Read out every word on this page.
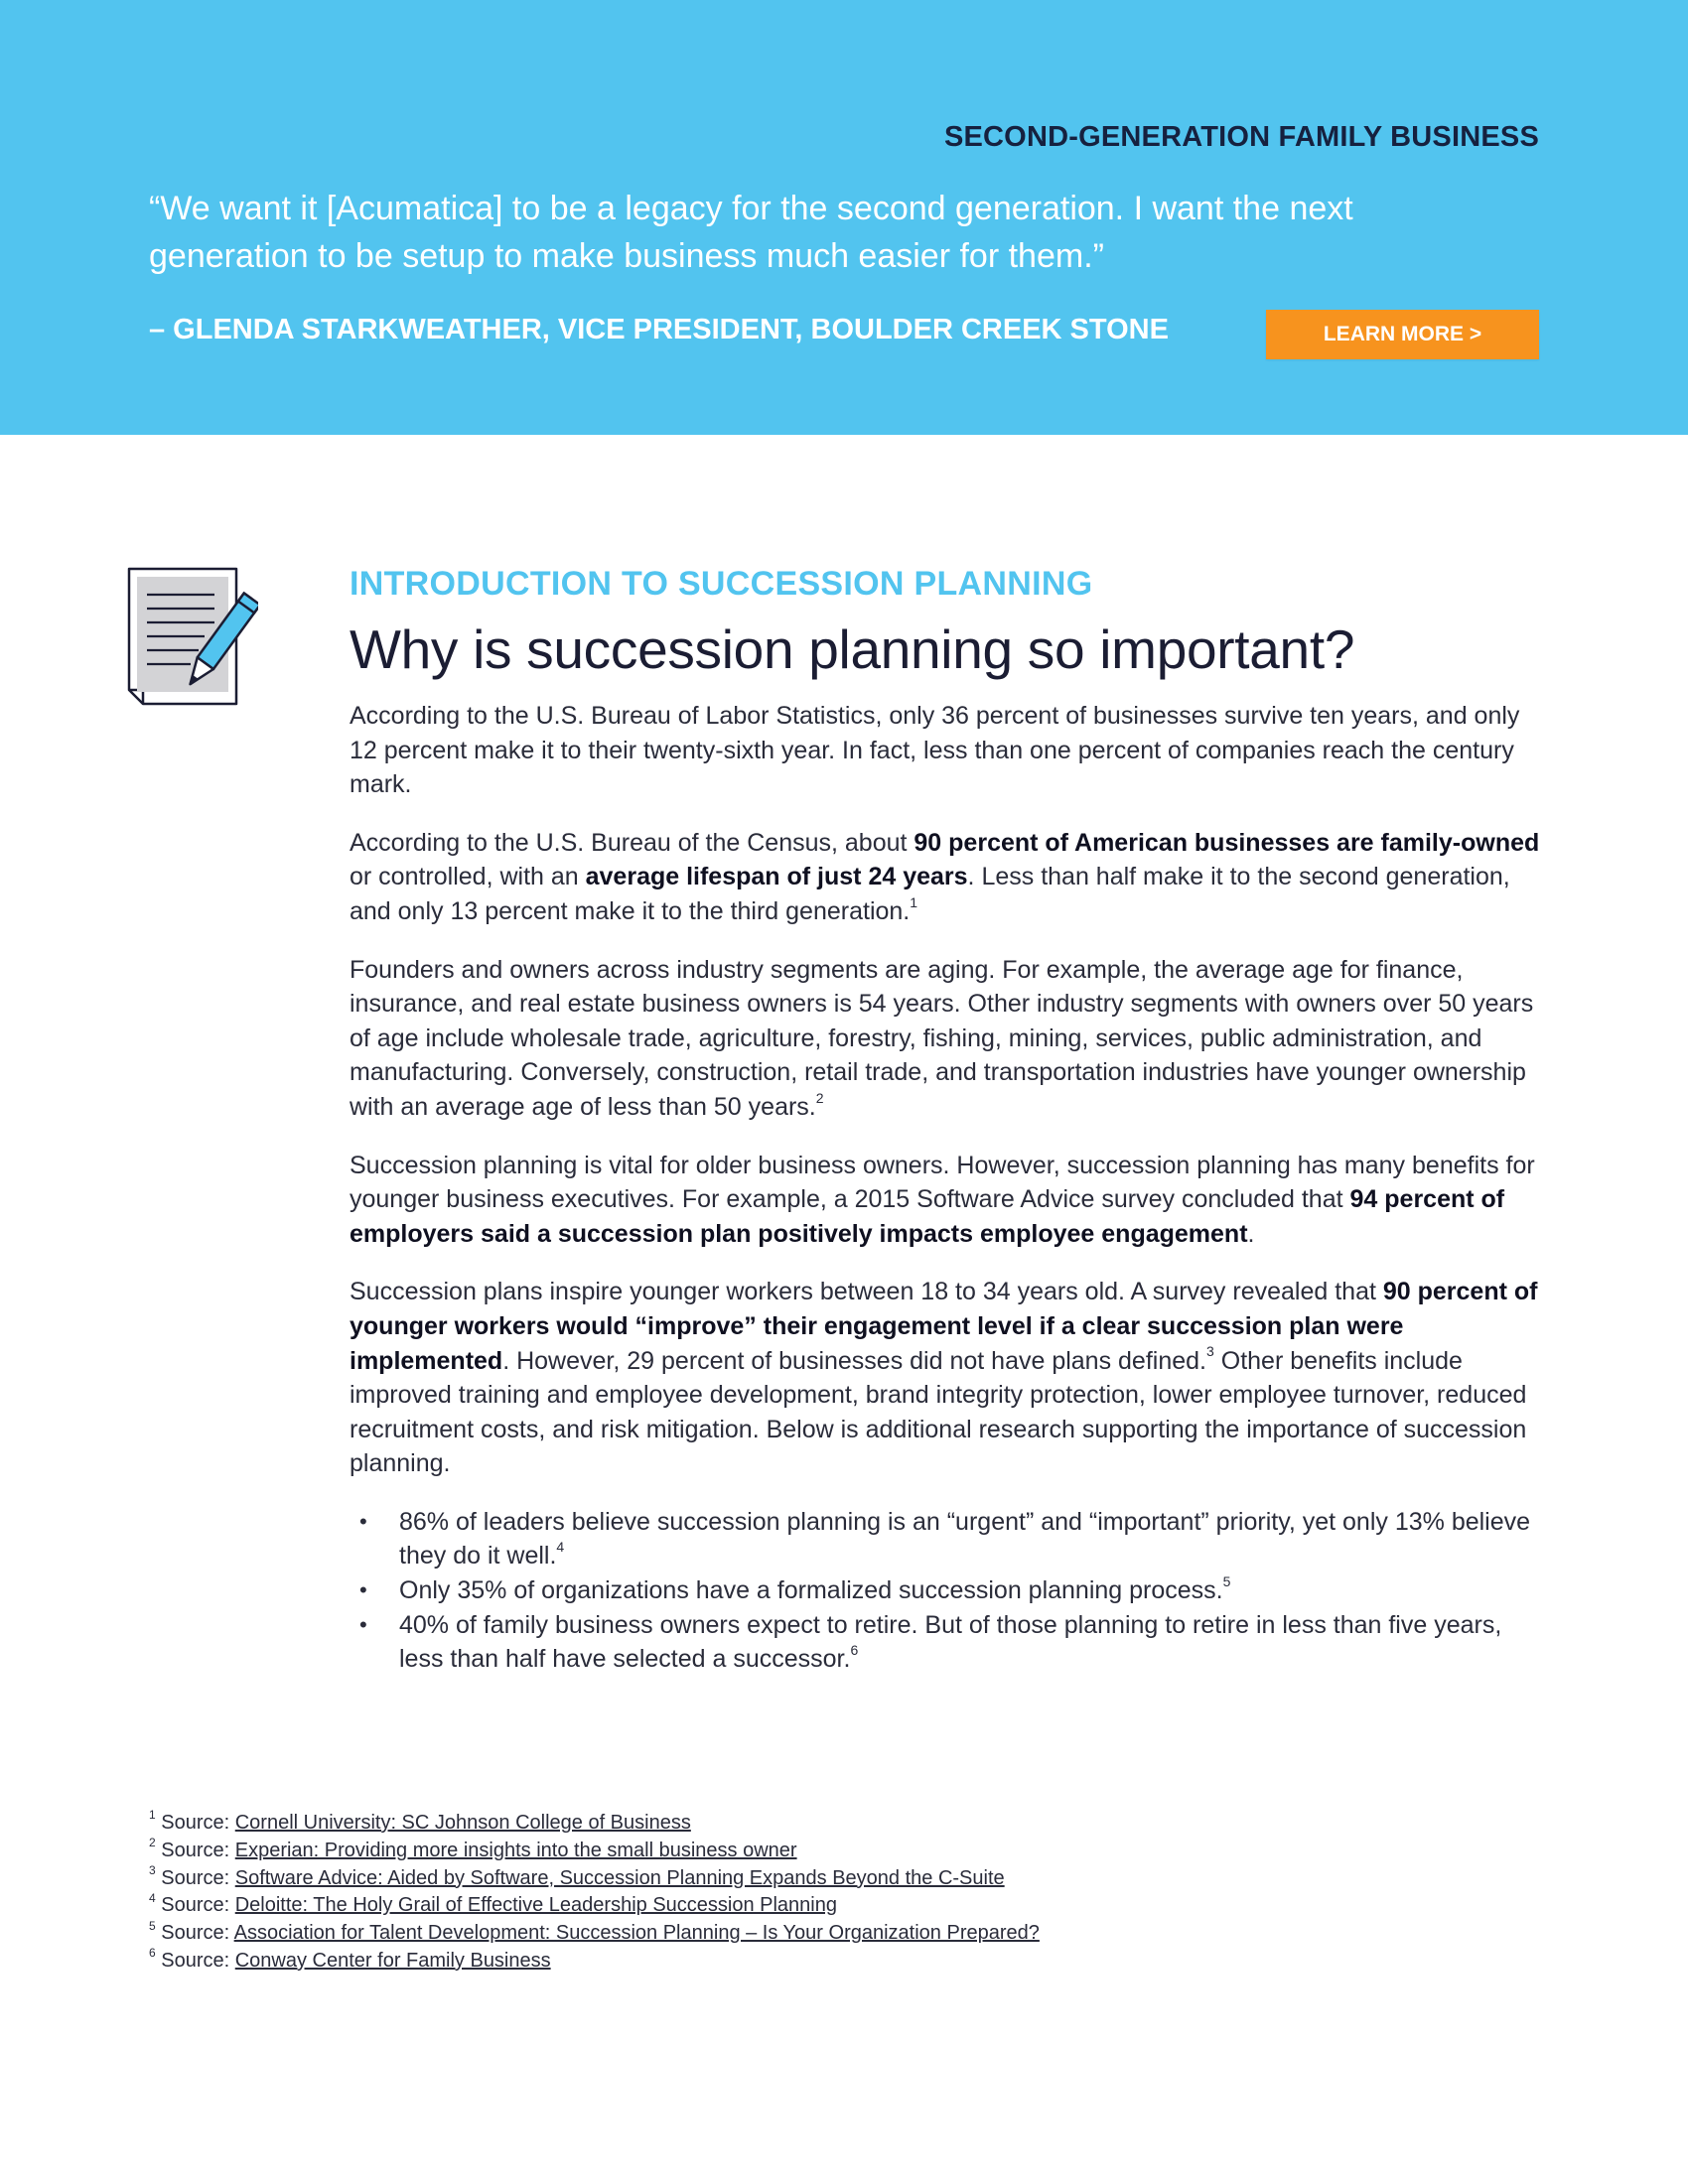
SECOND-GENERATION FAMILY BUSINESS

“We want it [Acumatica] to be a legacy for the second generation. I want the next generation to be setup to make business much easier for them.”

– GLENDA STARKWEATHER, VICE PRESIDENT, BOULDER CREEK STONE	LEARN MORE >
INTRODUCTION TO SUCCESSION PLANNING
Why is succession planning so important?

According to the U.S. Bureau of Labor Statistics, only 36 percent of businesses survive ten years, and only 12 percent make it to their twenty-sixth year. In fact, less than one percent of companies reach the century mark.

According to the U.S. Bureau of the Census, about 90 percent of American businesses are family-owned or controlled, with an average lifespan of just 24 years. Less than half make it to the second generation, and only 13 percent make it to the third generation.$^1$

Founders and owners across industry segments are aging. For example, the average age for finance, insurance, and real estate business owners is 54 years. Other industry segments with owners over 50 years of age include wholesale trade, agriculture, forestry, fishing, mining, services, public administration, and manufacturing. Conversely, construction, retail trade, and transportation industries have younger ownership with an average age of less than 50 years.$^2$

Succession planning is vital for older business owners. However, succession planning has many benefits for younger business executives. For example, a 2015 Software Advice survey concluded that 94 percent of employers said a succession plan positively impacts employee engagement.

Succession plans inspire younger workers between 18 to 34 years old. A survey revealed that 90 percent of younger workers would “improve” their engagement level if a clear succession plan were implemented. However, 29 percent of businesses did not have plans defined.$^3$ Other benefits include improved training and employee development, brand integrity protection, lower employee turnover, reduced recruitment costs, and risk mitigation. Below is additional research supporting the importance of succession planning.

• 86% of leaders believe succession planning is an “urgent” and “important” priority, yet only 13% believe they do it well.$^4$
• Only 35% of organizations have a formalized succession planning process.$^5$
• 40% of family business owners expect to retire. But of those planning to retire in less than five years, less than half have selected a successor.$^6$
$^1$ Source: Cornell University: SC Johnson College of Business
$^2$ Source: Experian: Providing more insights into the small business owner
$^3$ Source: Software Advice: Aided by Software, Succession Planning Expands Beyond the C-Suite
$^4$ Source: Deloitte: The Holy Grail of Effective Leadership Succession Planning
$^5$ Source: Association for Talent Development: Succession Planning – Is Your Organization Prepared?
$^6$ Source: Conway Center for Family Business
